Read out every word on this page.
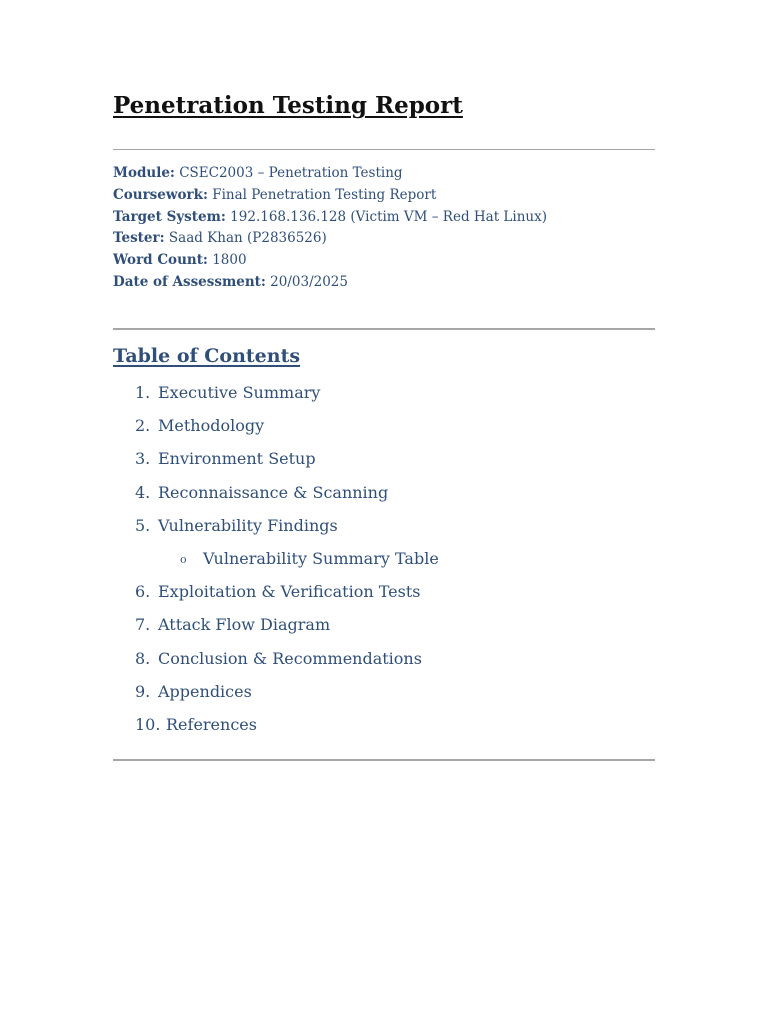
Penetration Testing Report
Module: CSEC2003 – Penetration Testing
Coursework: Final Penetration Testing Report
Target System: 192.168.136.128 (Victim VM – Red Hat Linux)
Tester: Saad Khan (P2836526)
Word Count: 1800
Date of Assessment: 20/03/2025
Table of Contents
1. Executive Summary
2. Methodology
3. Environment Setup
4. Reconnaissance & Scanning
5. Vulnerability Findings
o Vulnerability Summary Table
6. Exploitation & Verification Tests
7. Attack Flow Diagram
8. Conclusion & Recommendations
9. Appendices
10. References
